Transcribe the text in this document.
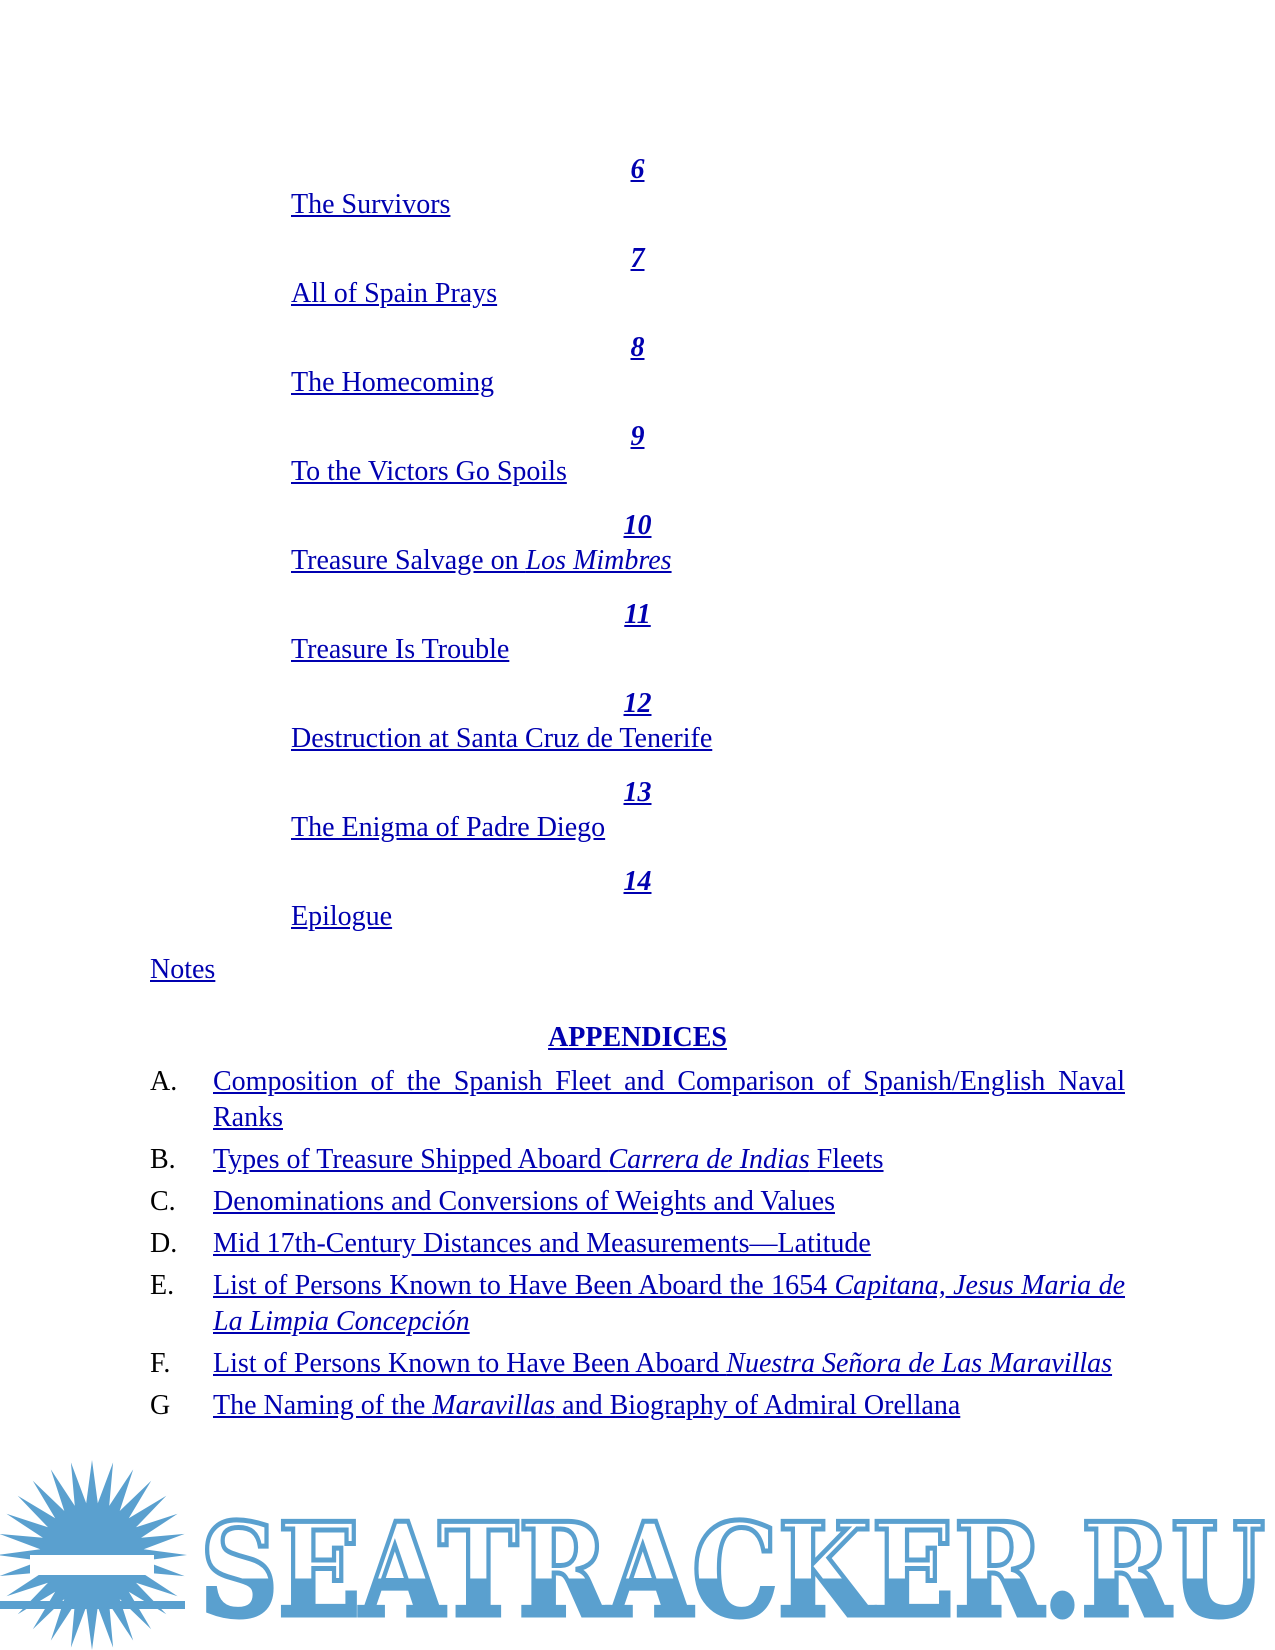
6
The Survivors
7
All of Spain Prays
8
The Homecoming
9
To the Victors Go Spoils
10
Treasure Salvage on Los Mimbres
11
Treasure Is Trouble
12
Destruction at Santa Cruz de Tenerife
13
The Enigma of Padre Diego
14
Epilogue
Notes
APPENDICES
A.	Composition of the Spanish Fleet and Comparison of Spanish/English Naval Ranks
B.	Types of Treasure Shipped Aboard Carrera de Indias Fleets
C.	Denominations and Conversions of Weights and Values
D.	Mid 17th-Century Distances and Measurements—Latitude
E.	List of Persons Known to Have Been Aboard the 1654 Capitana, Jesus Maria de La Limpia Concepción
F.	List of Persons Known to Have Been Aboard Nuestra Señora de Las Maravillas
G	The Naming of the Maravillas and Biography of Admiral Orellana
SEATRACKER.RU
